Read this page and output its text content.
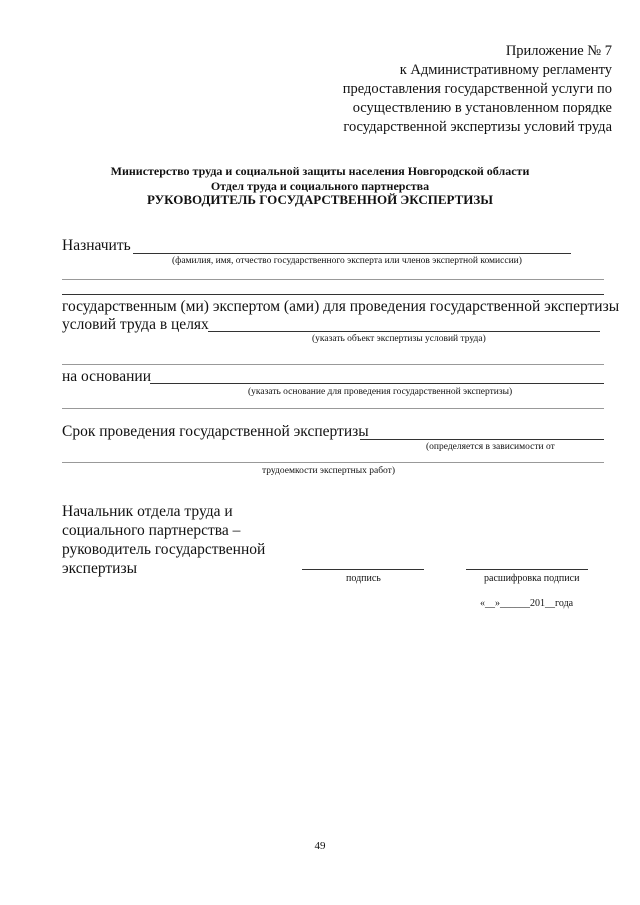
Приложение № 7
к Административному регламенту
предоставления государственной услуги по
осуществлению в установленном порядке
государственной экспертизы условий труда
Министерство труда и социальной защиты населения Новгородской области
Отдел труда и социального партнерства
РУКОВОДИТЕЛЬ ГОСУДАРСТВЕННОЙ ЭКСПЕРТИЗЫ
Назначить
(фамилия, имя, отчество государственного эксперта или членов экспертной комиссии)
государственным (ми) экспертом (ами) для проведения государственной экспертизы
условий труда в целях
(указать объект экспертизы условий труда)
на основании
(указать основание для проведения государственной экспертизы)
Срок проведения государственной экспертизы
(определяется в зависимости от
трудоемкости экспертных работ)
Начальник отдела труда и
социального партнерства –
руководитель государственной
экспертизы
подпись	расшифровка подписи
«__»______201__года
49
